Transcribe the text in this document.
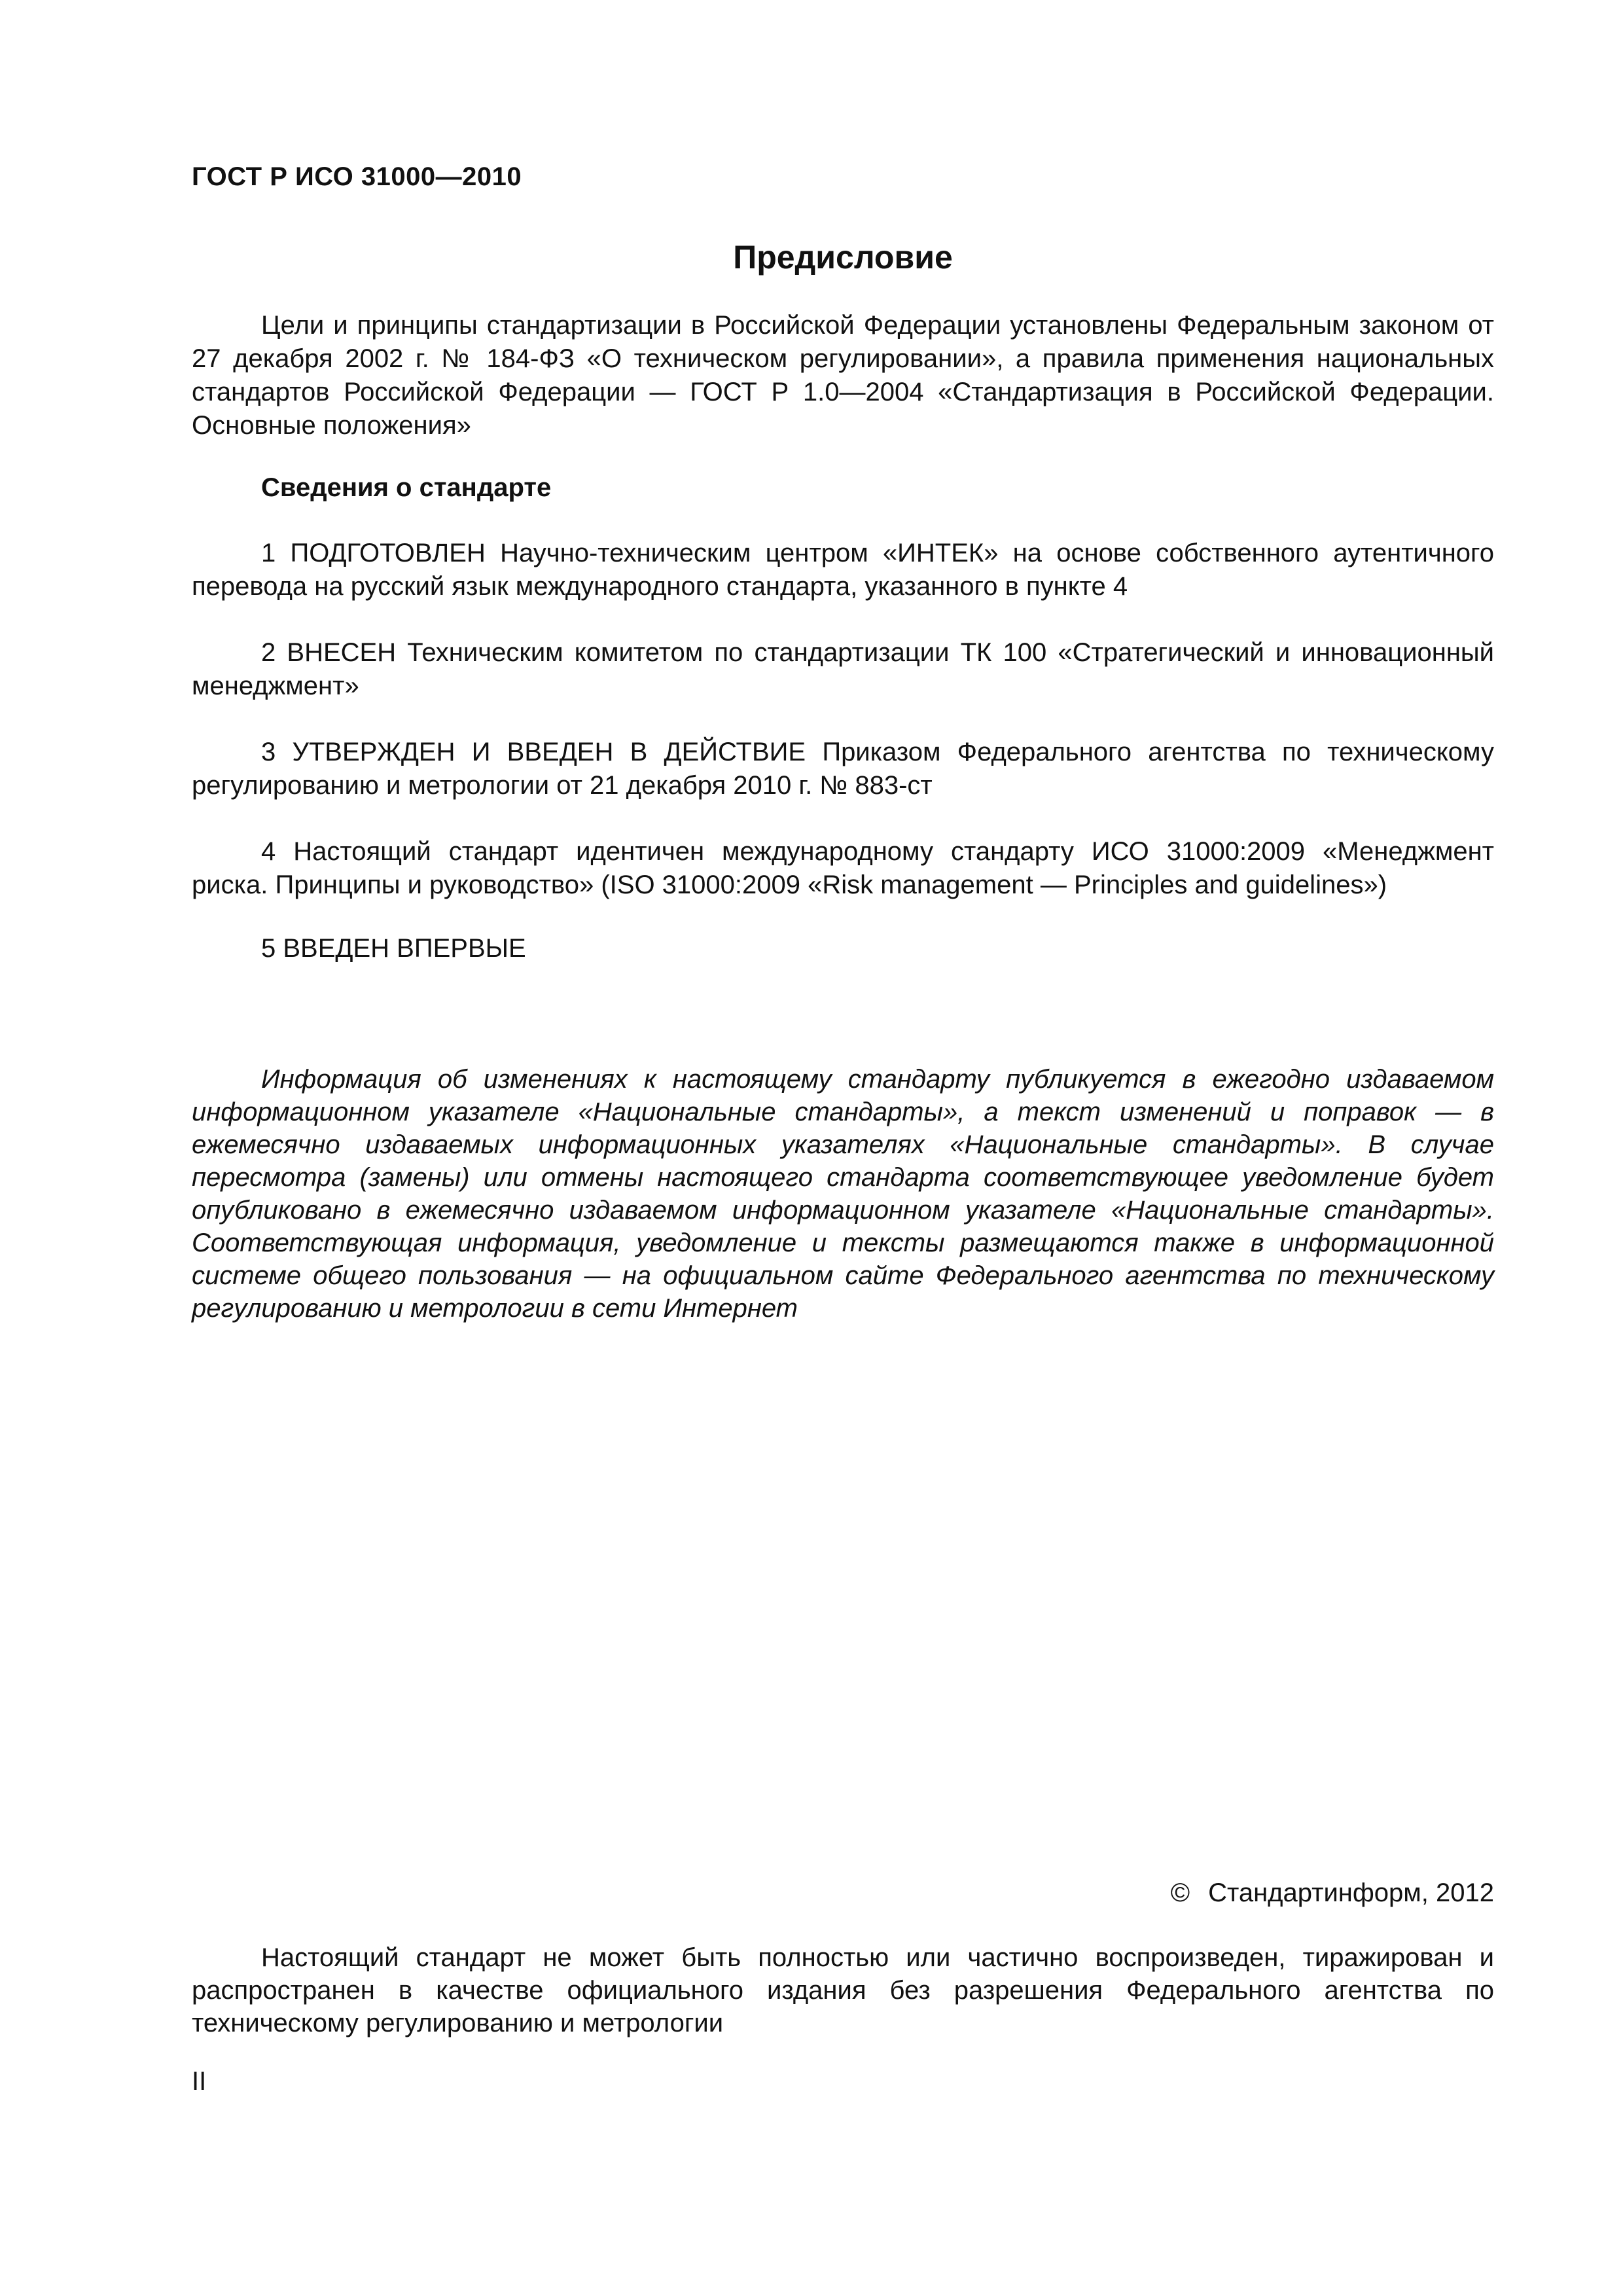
ГОСТ Р ИСО 31000—2010
Предисловие

Цели и принципы стандартизации в Российской Федерации установлены Федеральным законом от 27 декабря 2002 г. № 184-ФЗ «О техническом регулировании», а правила применения национальных стандартов Российской Федерации — ГОСТ Р 1.0—2004 «Стандартизация в Российской Федерации. Основные положения»

Сведения о стандарте

1 ПОДГОТОВЛЕН Научно-техническим центром «ИНТЕК» на основе собственного аутентичного перевода на русский язык международного стандарта, указанного в пункте 4

2 ВНЕСЕН Техническим комитетом по стандартизации ТК 100 «Стратегический и инновационный менеджмент»

3 УТВЕРЖДЕН И ВВЕДЕН В ДЕЙСТВИЕ Приказом Федерального агентства по техническому регулированию и метрологии от 21 декабря 2010 г. № 883-ст

4 Настоящий стандарт идентичен международному стандарту ИСО 31000:2009 «Менеджмент риска. Принципы и руководство» (ISO 31000:2009 «Risk management — Principles and guidelines»)

5 ВВЕДЕН ВПЕРВЫЕ

Информация об изменениях к настоящему стандарту публикуется в ежегодно издаваемом информационном указателе «Национальные стандарты», а текст изменений и поправок — в ежемесячно издаваемых информационных указателях «Национальные стандарты». В случае пересмотра (замены) или отмены настоящего стандарта соответствующее уведомление будет опубликовано в ежемесячно издаваемом информационном указателе «Национальные стандарты». Соответствующая информация, уведомление и тексты размещаются также в информационной системе общего пользования — на официальном сайте Федерального агентства по техническому регулированию и метрологии в сети Интернет

© Стандартинформ, 2012

Настоящий стандарт не может быть полностью или частично воспроизведен, тиражирован и распространен в качестве официального издания без разрешения Федерального агентства по техническому регулированию и метрологии

II
